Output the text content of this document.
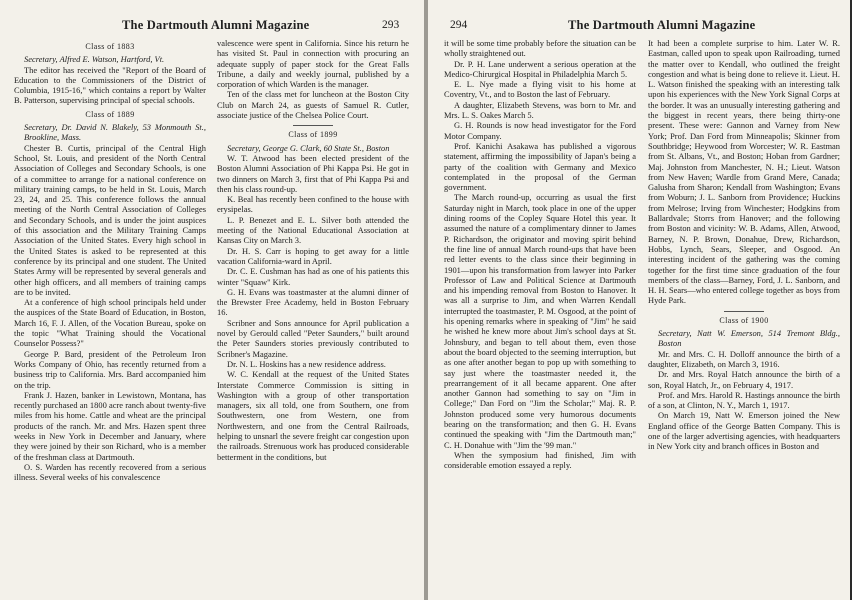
The Dartmouth Alumni Magazine	293

Class of 1883

Secretary, Alfred E. Watson, Hartford, Vt.

The editor has received the "Report of the Board of Education to the Commissioners of the District of Columbia, 1915-16," which contains a report by Walter B. Patterson, supervising principal of special schools.

Class of 1889

Secretary, Dr. David N. Blakely, 53 Monmouth St., Brookline, Mass.

Chester B. Curtis, principal of the Central High School, St. Louis, and president of the North Central Association of Colleges and Secondary Schools, is one of a committee to arrange for a national conference on military training camps, to be held in St. Louis, March 23, 24, and 25. This conference follows the annual meeting of the North Central Association of Colleges and Secondary Schools, and is under the joint auspices of this association and the Military Training Camps Association of the United States. Every high school in the United States is asked to be represented at this conference by its principal and one student. The United States Army will be represented by several generals and other high officers, and all members of training camps are to be invited.

At a conference of high school principals held under the auspices of the State Board of Education, in Boston, March 16, F. J. Allen, of the Vocation Bureau, spoke on the topic "What Training should the Vocational Counselor Possess?"

George P. Bard, president of the Petroleum Iron Works Company of Ohio, has recently returned from a business trip to California. Mrs. Bard accompanied him on the trip.

Frank J. Hazen, banker in Lewistown, Montana, has recently purchased an 1800 acre ranch about twenty-five miles from his home. Cattle and wheat are the principal products of the ranch. Mr. and Mrs. Hazen spent three weeks in New York in December and January, where they were joined by their son Richard, who is a member of the freshman class at Dartmouth.

O. S. Warden has recently recovered from a serious illness. Several weeks of his convalescence

valescence were spent in California. Since his return he has visited St. Paul in connection with procuring an adequate supply of paper stock for the Great Falls Tribune, a daily and weekly journal, published by a corporation of which Warden is the manager.

Ten of the class met for luncheon at the Boston City Club on March 24, as guests of Samuel R. Cutler, associate justice of the Chelsea Police Court.

Class of 1899

Secretary, George G. Clark, 60 State St., Boston

W. T. Atwood has been elected president of the Boston Alumni Association of Phi Kappa Psi. He got in two dinners on March 3, first that of Phi Kappa Psi and then his class round-up.

K. Beal has recently been confined to the house with erysipelas.

L. P. Benezet and E. L. Silver both attended the meeting of the National Educational Association at Kansas City on March 3.

Dr. H. S. Carr is hoping to get away for a little vacation California-ward in April.

Dr. C. E. Cushman has had as one of his patients this winter "Squaw" Kirk.

G. H. Evans was toastmaster at the alumni dinner of the Brewster Free Academy, held in Boston February 16.

Scribner and Sons announce for April publication a novel by Gerould called "Peter Saunders," built around the Peter Saunders stories previously contributed to Scribner's Magazine.

Dr. N. L. Hoskins has a new residence address.

W. C. Kendall at the request of the United States Interstate Commerce Commission is sitting in Washington with a group of other transportation managers, six all told, one from Southern, one from Southwestern, one from Western, one from Northwestern, and one from the Central Railroads, helping to unsnarl the severe freight car congestion upon the railroads. Strenuous work has produced considerable betterment in the conditions, but

294	The Dartmouth Alumni Magazine

it will be some time probably before the situation can be wholly straightened out.

Dr. P. H. Lane underwent a serious operation at the Medico-Chirurgical Hospital in Philadelphia March 5.

E. L. Nye made a flying visit to his home at Coventry, Vt., and to Boston the last of February.

A daughter, Elizabeth Stevens, was born to Mr. and Mrs. L. S. Oakes March 5.

G. H. Rounds is now head investigator for the Ford Motor Company.

Prof. Kanichi Asakawa has published a vigorous statement, affirming the impossibility of Japan's being a party of the coalition with Germany and Mexico contemplated in the proposal of the German government.

The March round-up, occurring as usual the first Saturday night in March, took place in one of the upper dining rooms of the Copley Square Hotel this year. It assumed the nature of a complimentary dinner to James P. Richardson, the originator and moving spirit behind the fine line of annual March round-ups that have been red letter events to the class since their beginning in 1901—upon his transformation from lawyer into Parker Professor of Law and Political Science at Dartmouth and his impending removal from Boston to Hanover. It was all a surprise to Jim, and when Warren Kendall interrupted the toastmaster, P. M. Osgood, at the point of his opening remarks where in speaking of "Jim" he said he wished he knew more about Jim's school days at St. Johnsbury, and began to tell about them, even those about the board objected to the seeming interruption, but as one after another began to pop up with something to say just where the toastmaster needed it, the prearrangement of it all became apparent. One after another Gannon had something to say on "Jim in College;" Dan Ford on "Jim the Scholar;" Maj. R. P. Johnston produced some very humorous documents bearing on the transformation; and then G. H. Evans continued the speaking with "Jim the Dartmouth man;" C. H. Donahue with "Jim the '99 man."

When the symposium had finished, Jim with considerable emotion essayed a reply.

It had been a complete surprise to him. Later W. R. Eastman, called upon to speak upon Railroading, turned the matter over to Kendall, who outlined the freight congestion and what is being done to relieve it. Lieut. H. L. Watson finished the speaking with an interesting talk upon his experiences with the New York Signal Corps at the border. It was an unusually interesting gathering and the biggest in recent years, there being thirty-one present. These were: Gannon and Varney from New York; Prof. Dan Ford from Minneapolis; Skinner from Southbridge; Heywood from Worcester; W. R. Eastman from St. Albans, Vt., and Boston; Hoban from Gardner; Maj. Johnston from Manchester, N. H.; Lieut. Watson from New Haven; Wardle from Grand Mere, Canada; Galusha from Sharon; Kendall from Washington; Evans from Woburn; J. L. Sanborn from Providence; Huckins from Melrose; Irving from Winchester; Hodgkins from Ballardvale; Storrs from Hanover; and the following from Boston and vicinity: W. B. Adams, Allen, Atwood, Barney, N. P. Brown, Donahue, Drew, Richardson, Hobbs, Lynch, Sears, Sleeper, and Osgood. An interesting incident of the gathering was the coming together for the first time since graduation of the four members of the class—Barney, Ford, J. L. Sanborn, and H. H. Sears—who entered college together as boys from Hyde Park.

Class of 1900

Secretary, Natt W. Emerson, 514 Tremont Bldg., Boston

Mr. and Mrs. C. H. Dolloff announce the birth of a daughter, Elizabeth, on March 3, 1916.

Dr. and Mrs. Royal Hatch announce the birth of a son, Royal Hatch, Jr., on February 4, 1917.

Prof. and Mrs. Harold R. Hastings announce the birth of a son, at Clinton, N. Y., March 1, 1917.

On March 19, Natt W. Emerson joined the New England office of the George Batten Company. This is one of the larger advertising agencies, with headquarters in New York city and branch offices in Boston and
